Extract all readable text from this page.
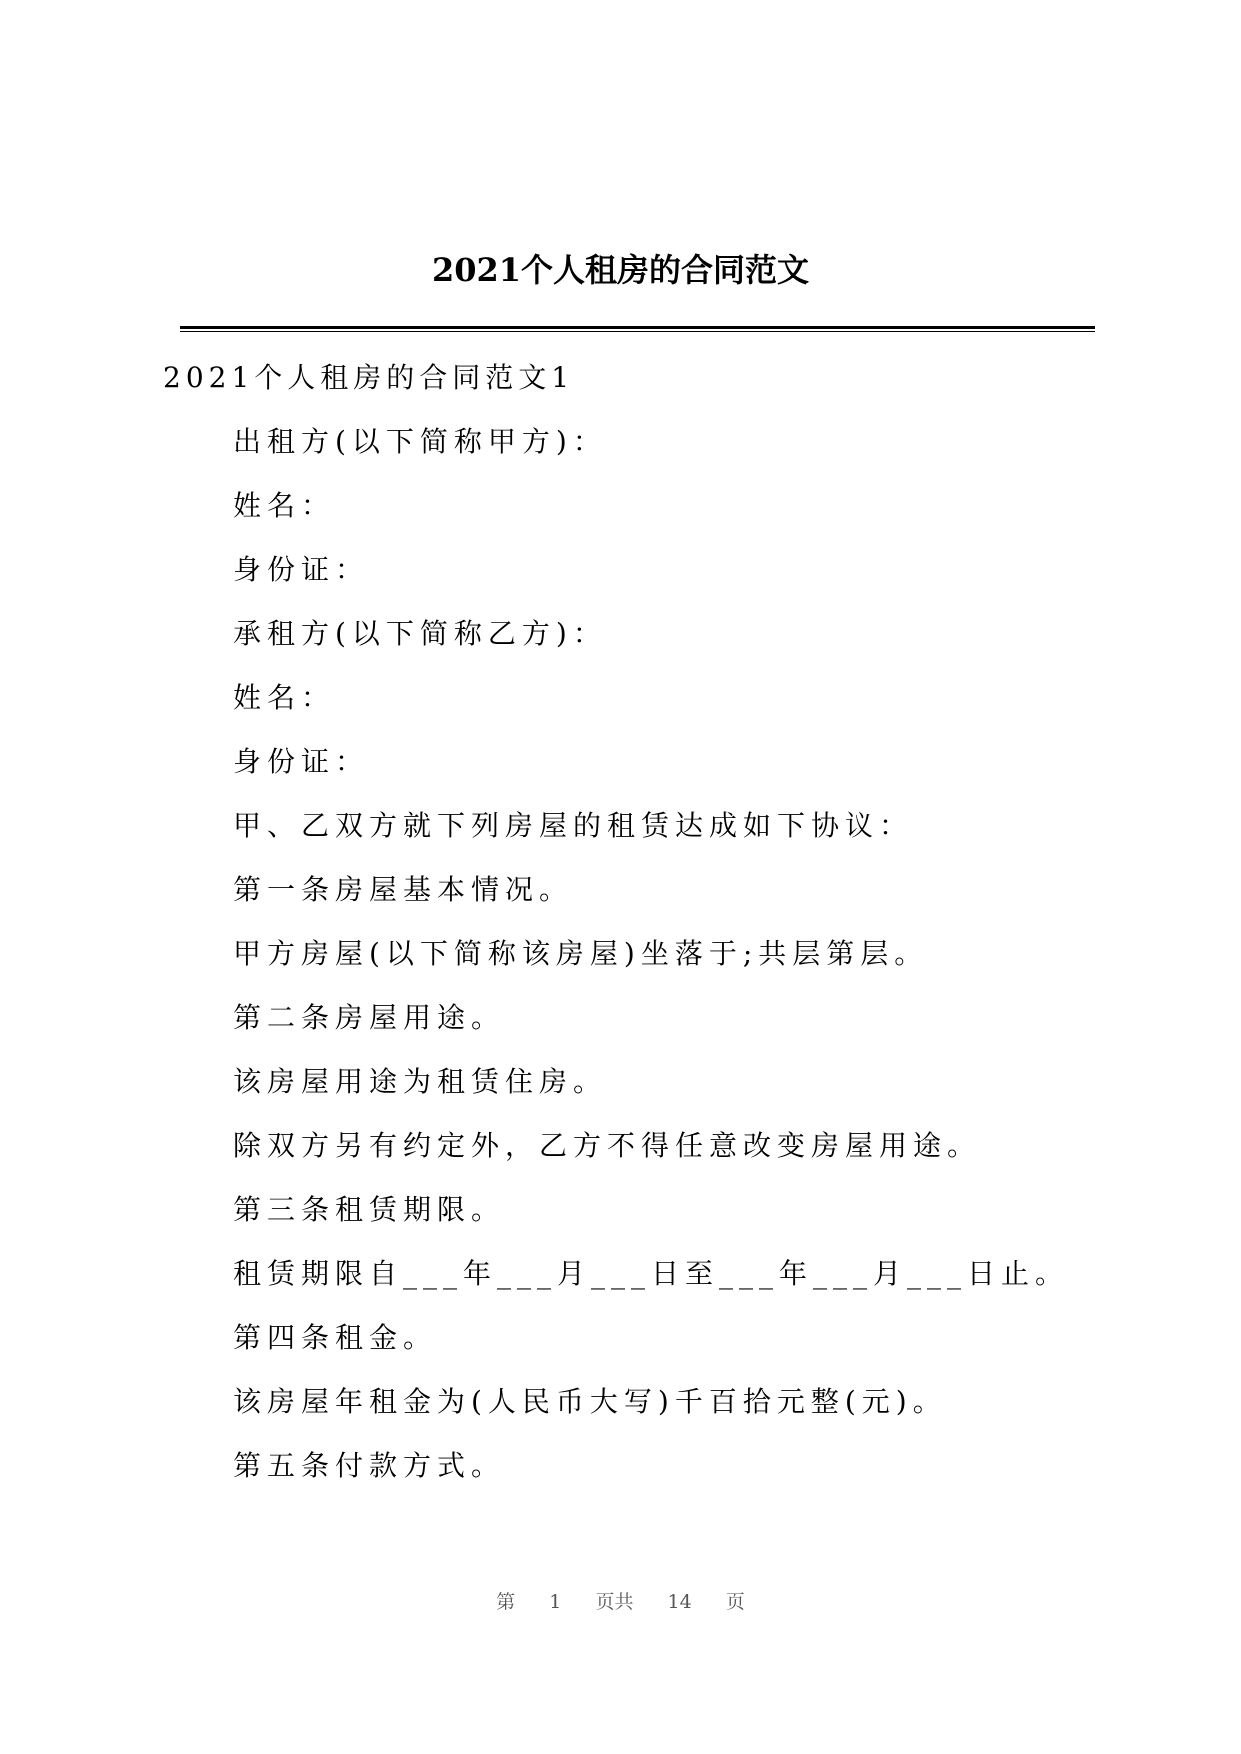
2021个人租房的合同范文
2021个人租房的合同范文1
出租方(以下简称甲方)：
姓名：
身份证：
承租方(以下简称乙方)：
姓名：
身份证：
甲、乙双方就下列房屋的租赁达成如下协议：
第一条房屋基本情况。
甲方房屋(以下简称该房屋)坐落于;共层第层。
第二条房屋用途。
该房屋用途为租赁住房。
除双方另有约定外，乙方不得任意改变房屋用途。
第三条租赁期限。
租赁期限自___年___月___日至___年___月___日止。
第四条租金。
该房屋年租金为(人民币大写)千百拾元整(元)。
第五条付款方式。
第 1 页共 14 页
